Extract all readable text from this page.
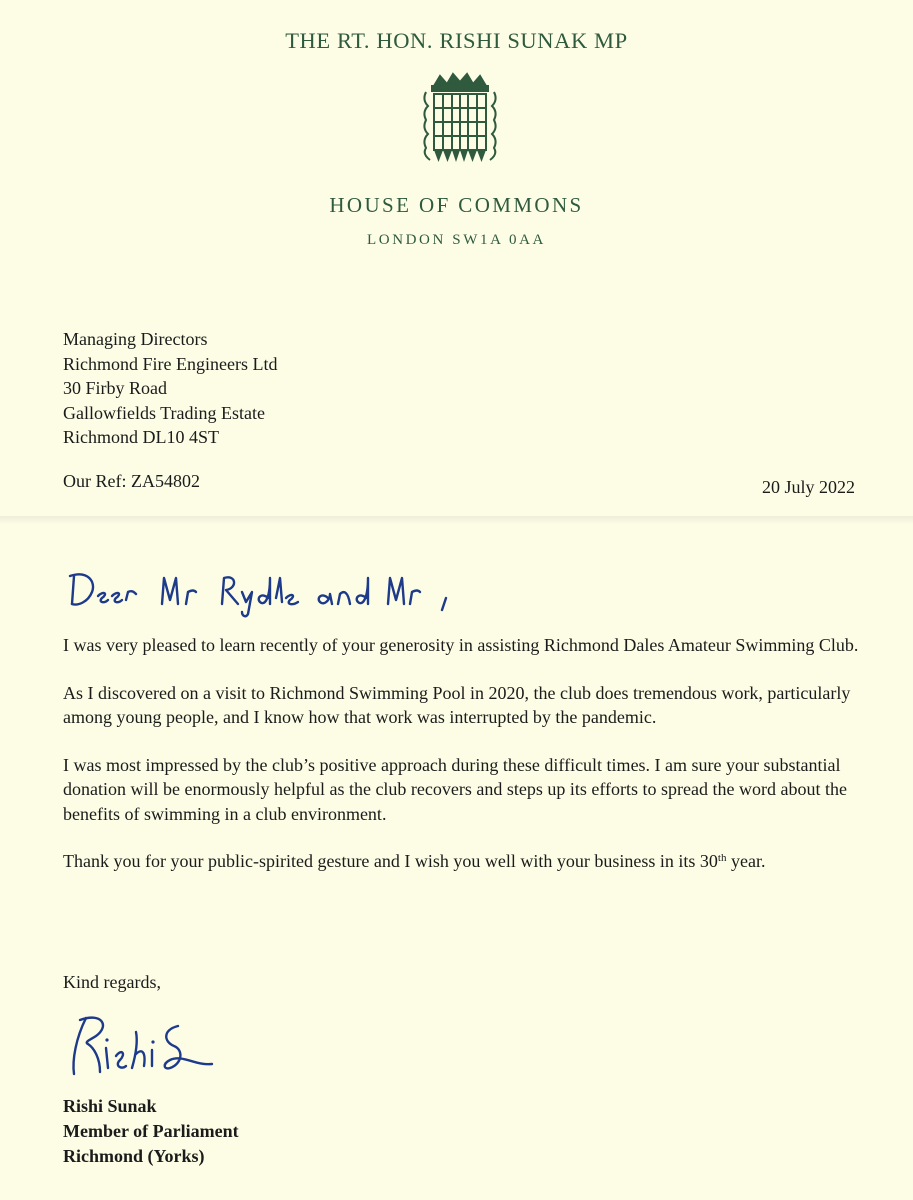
THE RT. HON. RISHI SUNAK MP
HOUSE OF COMMONS
LONDON SW1A 0AA
Managing Directors
Richmond Fire Engineers Ltd
30 Firby Road
Gallowfields Trading Estate
Richmond DL10 4ST
Our Ref: ZA54802	20 July 2022

I was very pleased to learn recently of your generosity in assisting Richmond Dales Amateur Swimming Club.

As I discovered on a visit to Richmond Swimming Pool in 2020, the club does tremendous work, particularly among young people, and I know how that work was interrupted by the pandemic.

I was most impressed by the club’s positive approach during these difficult times. I am sure your substantial donation will be enormously helpful as the club recovers and steps up its efforts to spread the word about the benefits of swimming in a club environment.

Thank you for your public-spirited gesture and I wish you well with your business in its 30th year.

Kind regards,
Rishi Sunak
Member of Parliament
Richmond (Yorks)
